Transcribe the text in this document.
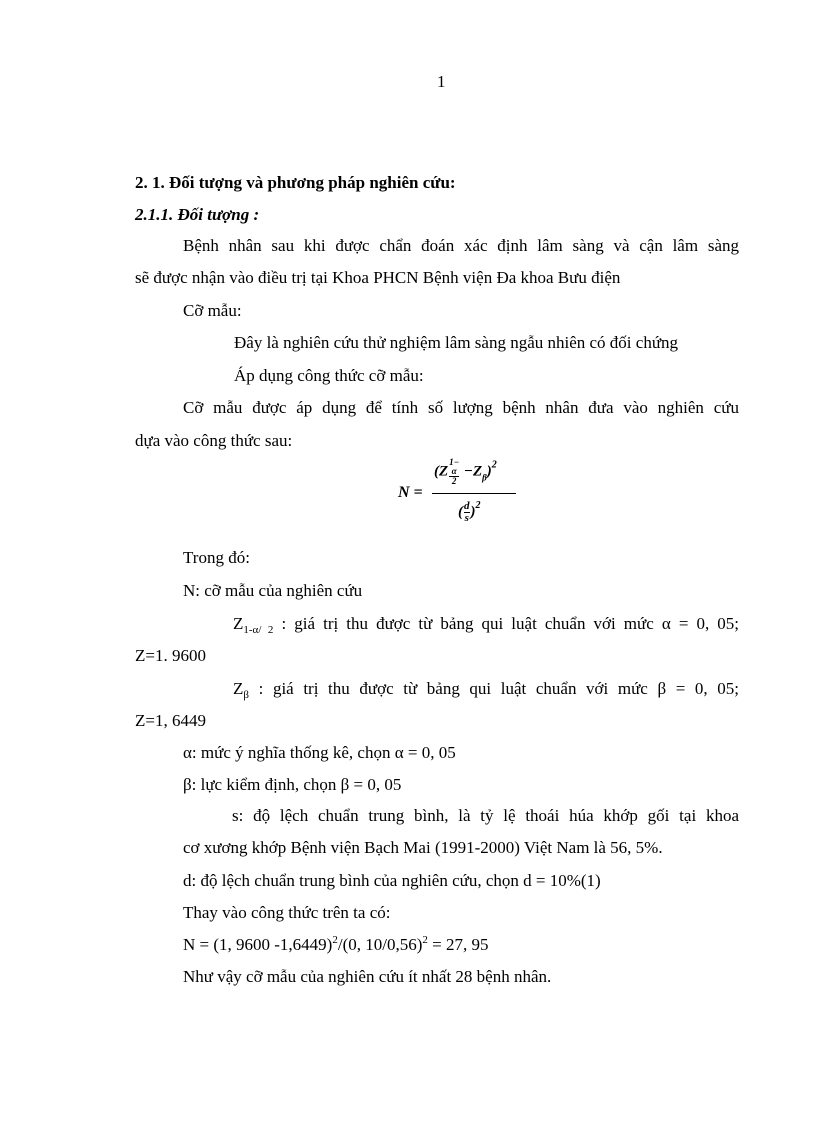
1
2. 1. Đối tượng và phương pháp nghiên cứu:
2.1.1. Đối tượng :
Bệnh nhân sau khi được chẩn đoán xác định lâm sàng và cận lâm sàng
sẽ được nhận vào điều trị tại Khoa PHCN Bệnh viện Đa khoa Bưu điện
Cỡ mẫu:
Đây là nghiên cứu thử nghiệm lâm sàng ngẫu nhiên có đối chứng
Áp dụng công thức cỡ mẫu:
Cỡ mẫu được áp dụng để tính số lượng bệnh nhân đưa vào nghiên cứu
dựa vào công thức sau:
N =
(Z 1−
α
$2 -Z_\beta)^2$
( $\frac{d}{s} )^2$
Trong đó:
N: cỡ mẫu của nghiên cứu
$Z_{1-\alpha/ 2}$ : giá trị thu được từ bảng qui luật chuẩn với mức α = 0, 05;
Z=1. 9600
$Z_\beta$ : giá trị thu được từ bảng qui luật chuẩn với mức β = 0, 05;
Z=1, 6449
α: mức ý nghĩa thống kê, chọn α = 0, 05
β: lực kiểm định, chọn β = 0, 05
s: độ lệch chuẩn trung bình, là tỷ lệ thoái húa khớp gối tại khoa
cơ xương khớp Bệnh viện Bạch Mai (1991-2000) Việt Nam là 56, 5%.
d: độ lệch chuẩn trung bình của nghiên cứu, chọn d = 10%(1)
Thay vào công thức trên ta có:
N = (1, 9600 -1,6449)$^2$/(0, 10/0,56)$^2$ = 27, 95
Như vậy cỡ mẫu của nghiên cứu ít nhất 28 bệnh nhân.
